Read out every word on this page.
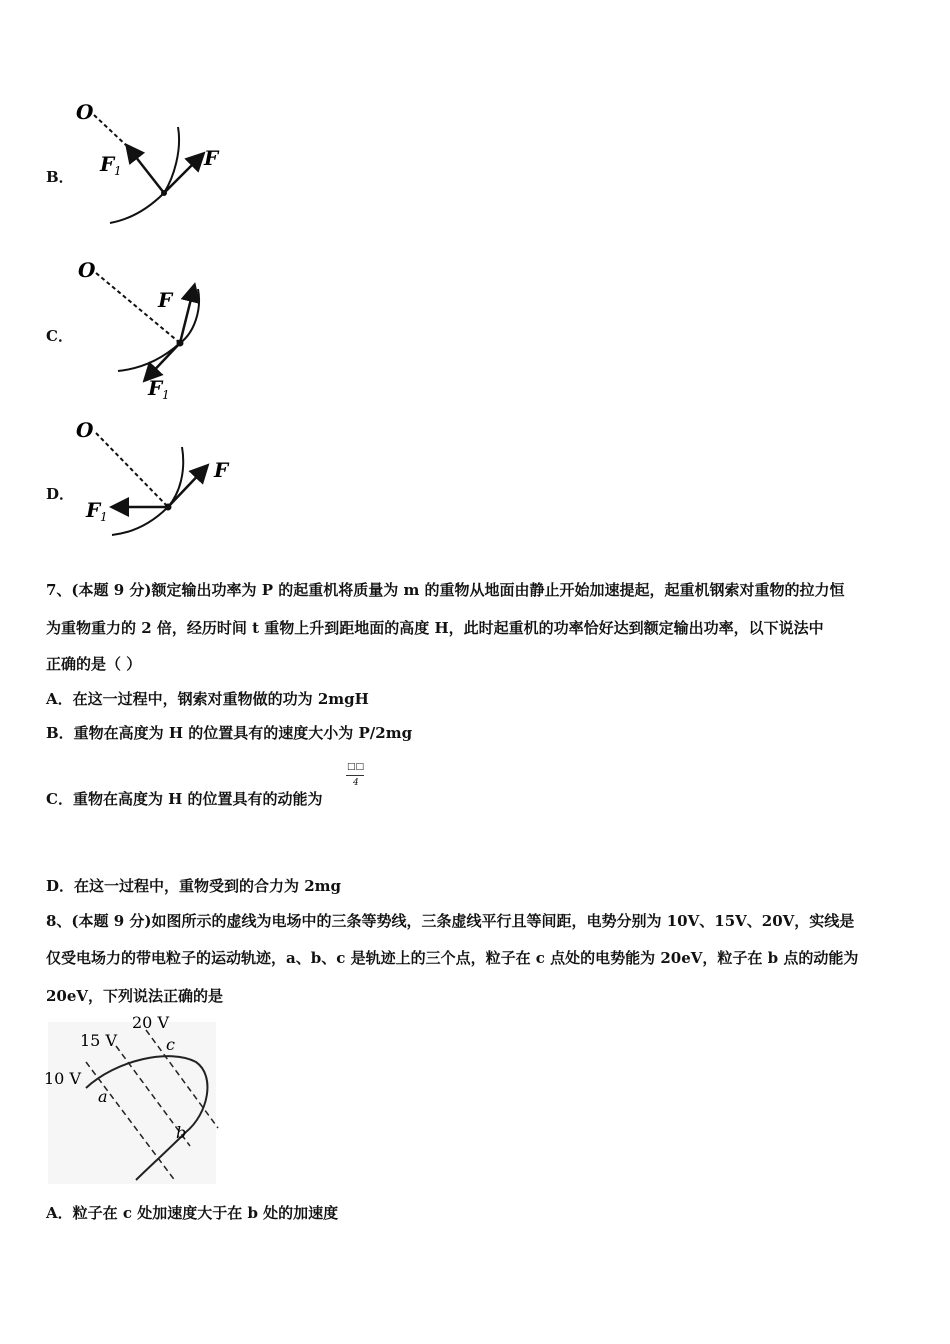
B．
O
F
F 1
C．
O
F
F 1
D．
O
F
F 1
7、(本题 9 分)额定输出功率为 P 的起重机将质量为 m 的重物从地面由静止开始加速提起，起重机钢索对重物的拉力恒
为重物重力的 2 倍，经历时间 t 重物上升到距地面的高度 H，此时起重机的功率恰好达到额定输出功率，以下说法中
正确的是（ ）
A．在这一过程中，钢索对重物做的功为 2mgH
B．重物在高度为 H 的位置具有的速度大小为 P/2mg
C．重物在高度为 H 的位置具有的动能为
□□
4
D．在这一过程中，重物受到的合力为 2mg
8、(本题 9 分)如图所示的虚线为电场中的三条等势线，三条虚线平行且等间距，电势分别为 10V、15V、20V，实线是
仅受电场力的带电粒子的运动轨迹，a、b、c 是轨迹上的三个点，粒子在 c 点处的电势能为 20eV，粒子在 b 点的动能为
20eV，下列说法正确的是
10 V
15 V
20 V
a
b
c
A．粒子在 c 处加速度大于在 b 处的加速度
